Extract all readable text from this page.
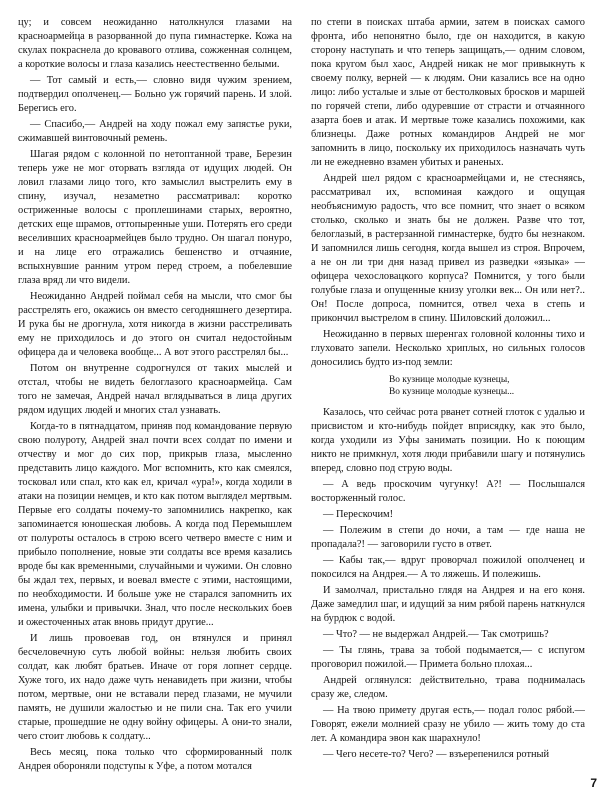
цу; и совсем неожиданно натолкнулся глазами на красноармейца в разорванной до пупа гимнастерке. Кожа на скулах покраснела до кровавого отлива, сожженная солнцем, а короткие волосы и глаза казались неестественно белыми.

— Тот самый и есть,— словно видя чужим зрением, подтвердил ополченец.— Больно уж горячий парень. И злой. Берегись его.

— Спасибо,— Андрей на ходу пожал ему запястье руки, сжимавшей винтовочный ремень.

Шагая рядом с колонной по нетоптанной траве, Березин теперь уже не мог оторвать взгляда от идущих людей. Он ловил глазами лицо того, кто замыслил выстрелить ему в спину, изучал, незаметно рассматривал: коротко остриженные волосы с проплешинами старых, вероятно, детских еще шрамов, оттопыренные уши. Потерять его среди веселивших красноармейцев было трудно. Он шагал понуро, и на лице его отражались бешенство и отчаяние, вспыхнувшие ранним утром перед строем, а побелевшие глаза вряд ли что видели.

Неожиданно Андрей поймал себя на мысли, что смог бы расстрелять его, окажись он вместо сегодняшнего дезертира. И рука бы не дрогнула, хотя никогда в жизни расстреливать ему не приходилось и до этого он считал недостойным офицера да и человека вообще... А вот этого расстрелял бы...

Потом он внутренне содрогнулся от таких мыслей и отстал, чтобы не видеть белоглазого красноармейца. Сам того не замечая, Андрей начал вглядываться в лица других рядом идущих людей и многих стал узнавать.

Когда-то в пятнадцатом, приняв под командование первую свою полуроту, Андрей знал почти всех солдат по имени и отчеству и мог до сих пор, прикрыв глаза, мысленно представить лицо каждого. Мог вспомнить, кто как смеялся, тосковал или спал, кто как ел, кричал «ура!», когда ходили в атаки на позиции немцев, и кто как потом выглядел мертвым. Первые его солдаты почему-то запомнились накрепко, как запоминается юношеская любовь. А когда под Перемышлем от полуроты осталось в строю всего четверо вместе с ним и прибыло пополнение, новые эти солдаты все время казались вроде бы как временными, случайными и чужими. Он словно бы ждал тех, первых, и воевал вместе с этими, настоящими, по необходимости. И больше уже не старался запомнить их имена, улыбки и привычки. Знал, что после нескольких боев и ожесточенных атак вновь придут другие...

И лишь провоевав год, он втянулся и принял бесчеловечную суть любой войны: нельзя любить своих солдат, как любят братьев. Иначе от горя лопнет сердце. Хуже того, их надо даже чуть ненавидеть при жизни, чтобы потом, мертвые, они не вставали перед глазами, не мучили память, не душили жалостью и не пили сна. Так его учили старые, прошедшие не одну войну офицеры. А они-то знали, чего стоит любовь к солдату...

Весь месяц, пока только что сформированный полк Андрея обороняли подступы к Уфе, а потом мотался

по степи в поисках штаба армии, затем в поисках самого фронта, ибо непонятно было, где он находится, в какую сторону наступать и что теперь защищать,— одним словом, пока кругом был хаос, Андрей никак не мог привыкнуть к своему полку, верней — к людям. Они казались все на одно лицо: либо усталые и злые от бестолковых бросков и маршей по горячей степи, либо одуревшие от страсти и отчаянного азарта боев и атак. И мертвые тоже казались похожими, как близнецы. Даже ротных командиров Андрей не мог запомнить в лицо, поскольку их приходилось назначать чуть ли не ежедневно взамен убитых и раненых.

Андрей шел рядом с красноармейцами и, не стесняясь, рассматривал их, вспоминая каждого и ощущая необъяснимую радость, что все помнит, что знает о всяком столько, сколько и знать бы не должен. Разве что тот, белоглазый, в растерзанной гимнастерке, будто бы незнаком. И запомнился лишь сегодня, когда вышел из строя. Впрочем, а не он ли три дня назад привел из разведки «языка» — офицера чехословацкого корпуса? Помнится, у того были голубые глаза и опущенные книзу уголки век... Он или нет?.. Он! После допроса, помнится, отвел чеха в степь и прикончил выстрелом в спину. Шиловский доложил...

Неожиданно в первых шеренгах головной колонны тихо и глуховато запели. Несколько хриплых, но сильных голосов доносились будто из-под земли:

Во кузнице молодые кузнецы,
Во кузнице молодые кузнецы...

Казалось, что сейчас рота рванет сотней глоток с удалью и присвистом и кто-нибудь пойдет вприсядку, как это было, когда уходили из Уфы занимать позиции. Но к поющим никто не примкнул, хотя люди прибавили шагу и потянулись вперед, словно под струю воды.

— А ведь проскочим чугунку! А?! — Послышался восторженный голос.

— Перескочим!

— Полежим в степи до ночи, а там — где наша не пропадала?! — заговорили густо в ответ.

— Кабы так,— вдруг проворчал пожилой ополченец и покосился на Андрея.— А то ляжешь. И полежишь.

И замолчал, пристально глядя на Андрея и на его коня. Даже замедлил шаг, и идущий за ним рябой парень наткнулся на бурдюк с водой.

— Что? — не выдержал Андрей.— Так смотришь?

— Ты глянь, трава за тобой подымается,— с испугом проговорил пожилой.— Примета больно плохая...

Андрей оглянулся: действительно, трава поднималась сразу же, следом.

— На твою примету другая есть,— подал голос рябой.— Говорят, ежели молнией сразу не убило — жить тому до ста лет. А командира эвон как шарахнуло!

— Чего несете-то? Чего? — взъерепенился ротный

7
